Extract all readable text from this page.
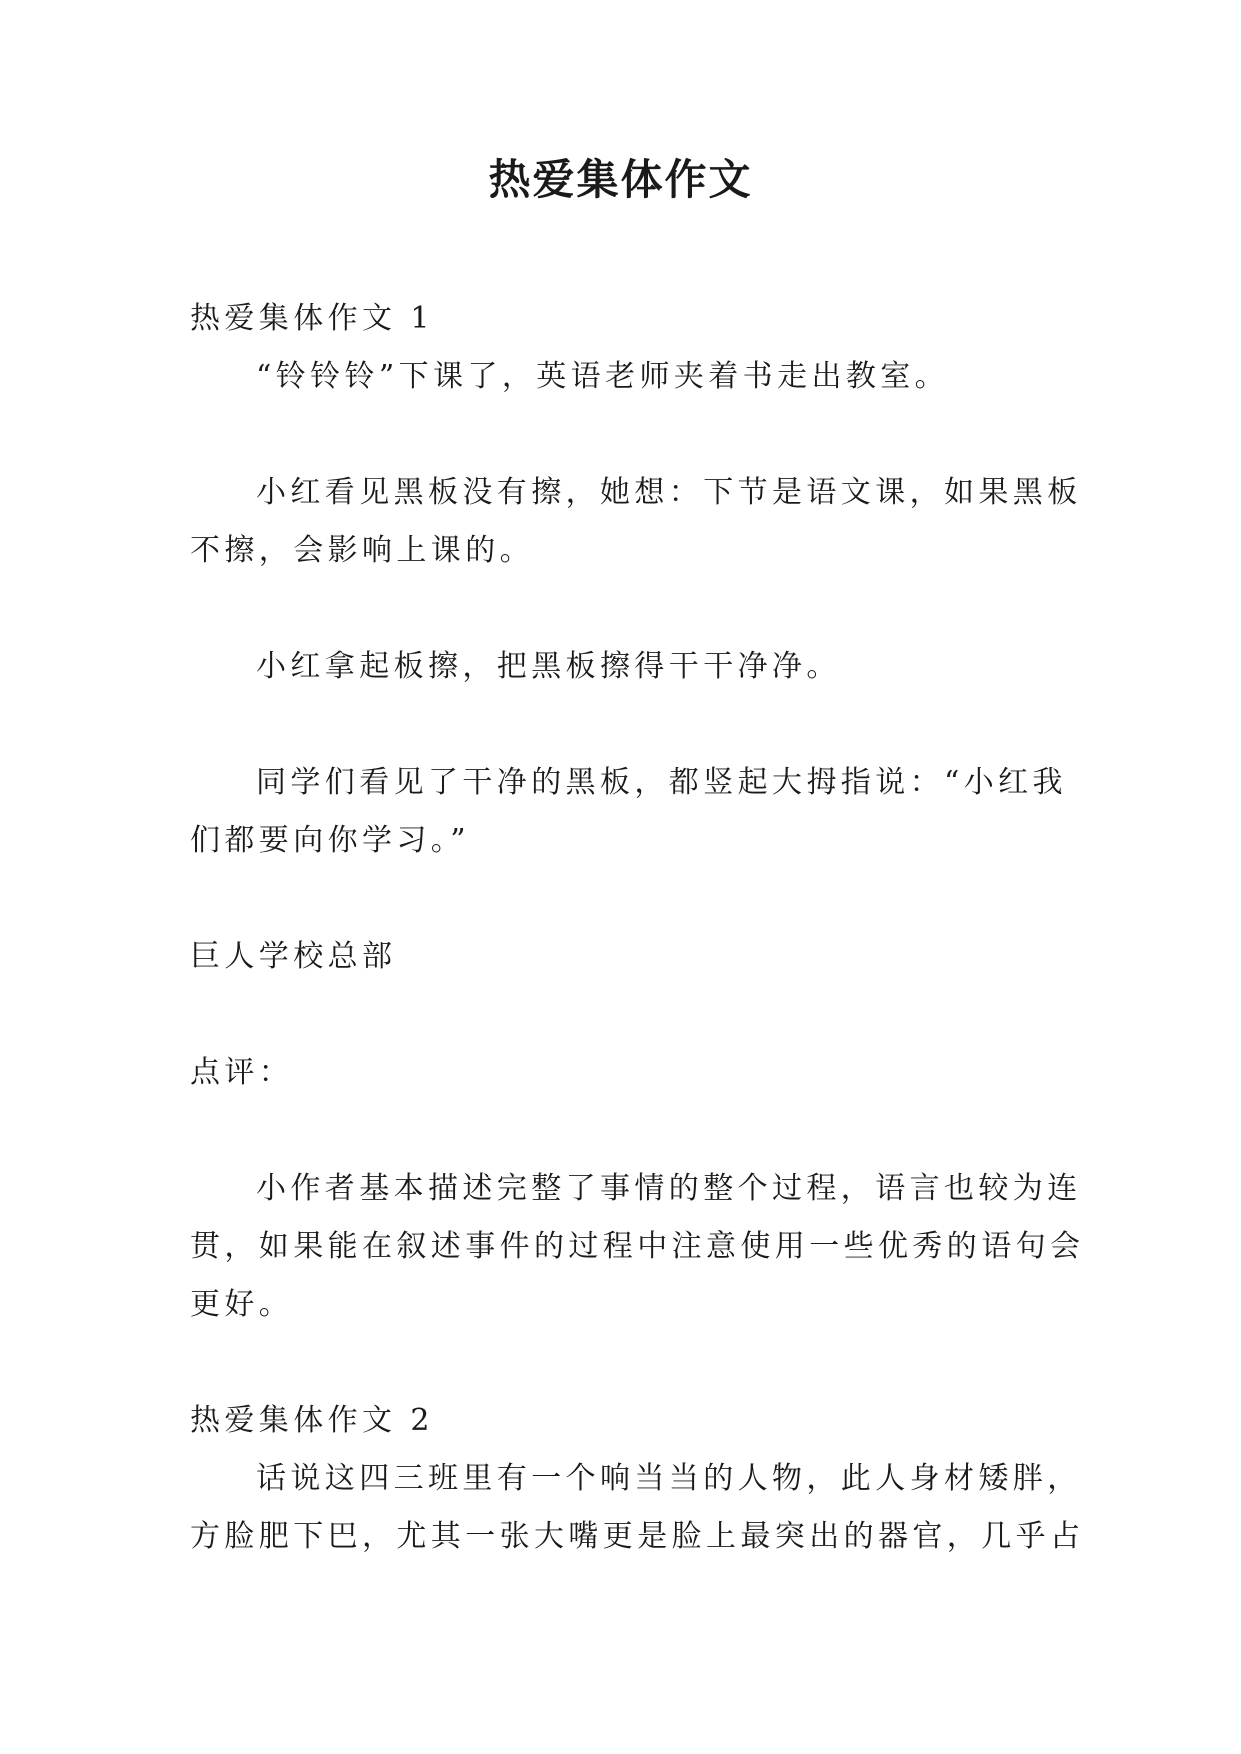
热爱集体作文

热爱集体作文 1

“铃铃铃”下课了，英语老师夹着书走出教室。

小红看见黑板没有擦，她想：下节是语文课，如果黑板

不擦，会影响上课的。

小红拿起板擦，把黑板擦得干干净净。

同学们看见了干净的黑板，都竖起大拇指说：“小红我

们都要向你学习。”

巨人学校总部

点评：

小作者基本描述完整了事情的整个过程，语言也较为连

贯，如果能在叙述事件的过程中注意使用一些优秀的语句会

更好。

热爱集体作文 2

话说这四三班里有一个响当当的人物，此人身材矮胖，

方脸肥下巴，尤其一张大嘴更是脸上最突出的器官，几乎占
